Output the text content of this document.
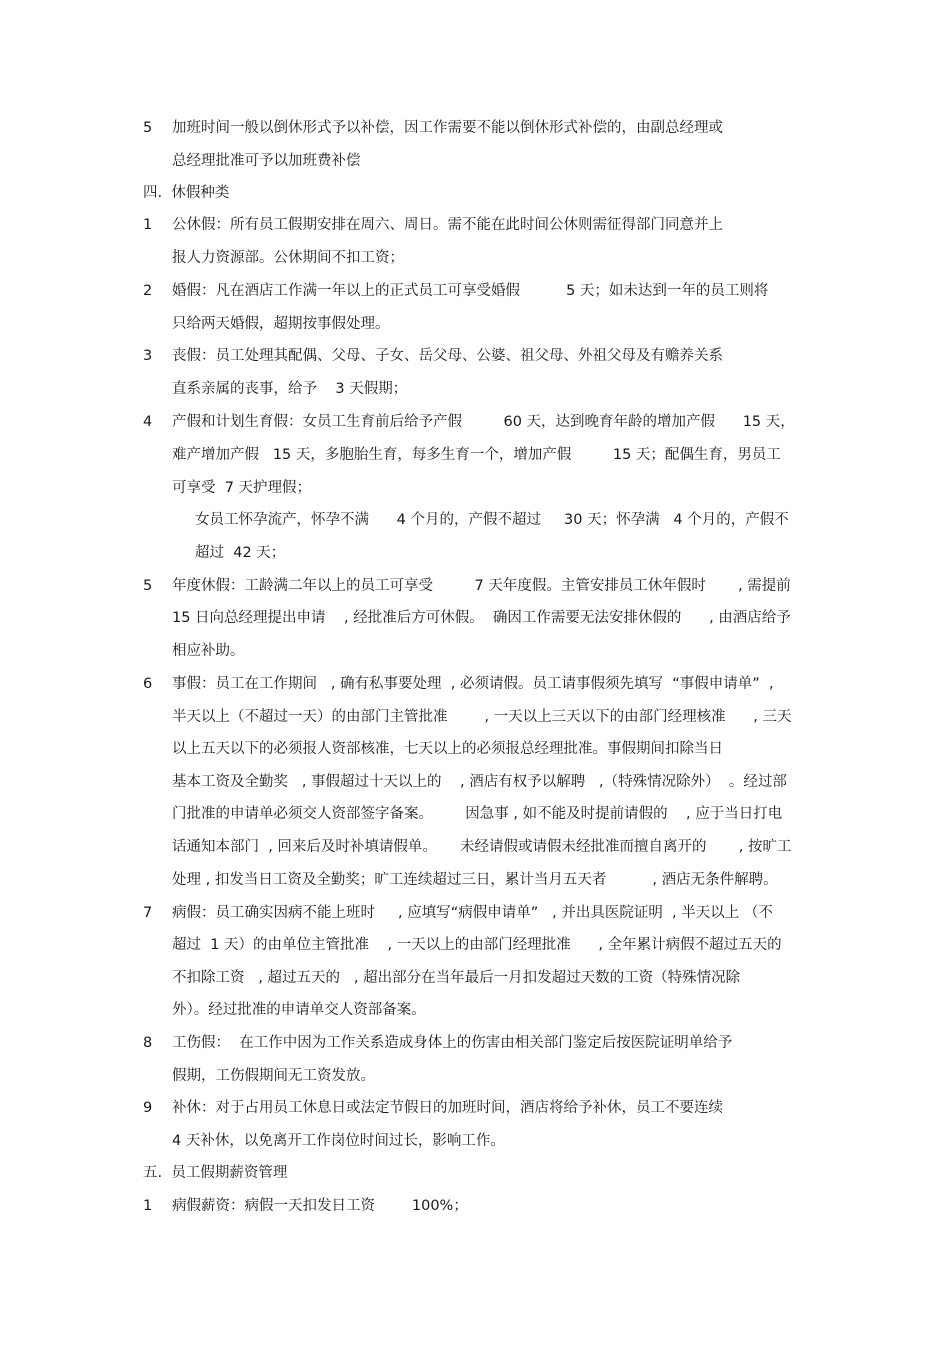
5 加班时间一般以倒休形式予以补偿，因工作需要不能以倒休形式补偿的，由副总经理或
总经理批准可予以加班费补偿
四.  休假种类
1 公休假：所有员工假期安排在周六、周日。需不能在此时间公休则需征得部门同意并上
报人力资源部。公休期间不扣工资；
2 婚假：凡在酒店工作满一年以上的正式员工可享受婚假          5 天；如未达到一年的员工则将
只给两天婚假，超期按事假处理。
3 丧假：员工处理其配偶、父母、子女、岳父母、公婆、祖父母、外祖父母及有赡养关系
直系亲属的丧事，给予    3 天假期；
4 产假和计划生育假：女员工生育前后给予产假         60 天，达到晚育年龄的增加产假      15 天，
难产增加产假   15 天，多胞胎生育，每多生育一个，增加产假         15 天；配偶生育，男员工
可享受  7 天护理假；
女员工怀孕流产，怀孕不满      4 个月的，产假不超过     30 天；怀孕满   4 个月的，产假不
超过  42 天；
5 年度休假：工龄满二年以上的员工可享受         7 天年度假。主管安排员工休年假时       , 需提前
15 日向总经理提出申请    , 经批准后方可休假。  确因工作需要无法安排休假的      , 由酒店给予
相应补助。
6 事假：员工在工作期间   , 确有私事要处理  , 必须请假。员工请事假须先填写  “事假申请单”  ,
半天以上（不超过一天）的由部门主管批准        , 一天以上三天以下的由部门经理核准      , 三天
以上五天以下的必须报人资部核准，七天以上的必须报总经理批准。事假期间扣除当日
基本工资及全勤奖   , 事假超过十天以上的    , 酒店有权予以解聘   ,（特殊情况除外）  。经过部
门批准的申请单必须交人资部签字备案。       因急事 , 如不能及时提前请假的    , 应于当日打电
话通知本部门  , 回来后及时补填请假单。     未经请假或请假未经批准而擅自离开的       , 按旷工
处理 , 扣发当日工资及全勤奖；旷工连续超过三日，累计当月五天者          , 酒店无条件解聘。
7 病假：员工确实因病不能上班时     , 应填写“病假申请单”   , 并出具医院证明  , 半天以上 （不
超过  1 天）的由单位主管批准    , 一天以上的由部门经理批准      , 全年累计病假不超过五天的
不扣除工资   , 超过五天的   , 超出部分在当年最后一月扣发超过天数的工资（特殊情况除
外）。经过批准的申请单交人资部备案。
8 工伤假：  在工作中因为工作关系造成身体上的伤害由相关部门鉴定后按医院证明单给予
假期，工伤假期间无工资发放。
9 补休：对于占用员工休息日或法定节假日的加班时间，酒店将给予补休，员工不要连续
4 天补休，以免离开工作岗位时间过长，影响工作。
五.  员工假期薪资管理
1 病假薪资：病假一天扣发日工资        100%；
